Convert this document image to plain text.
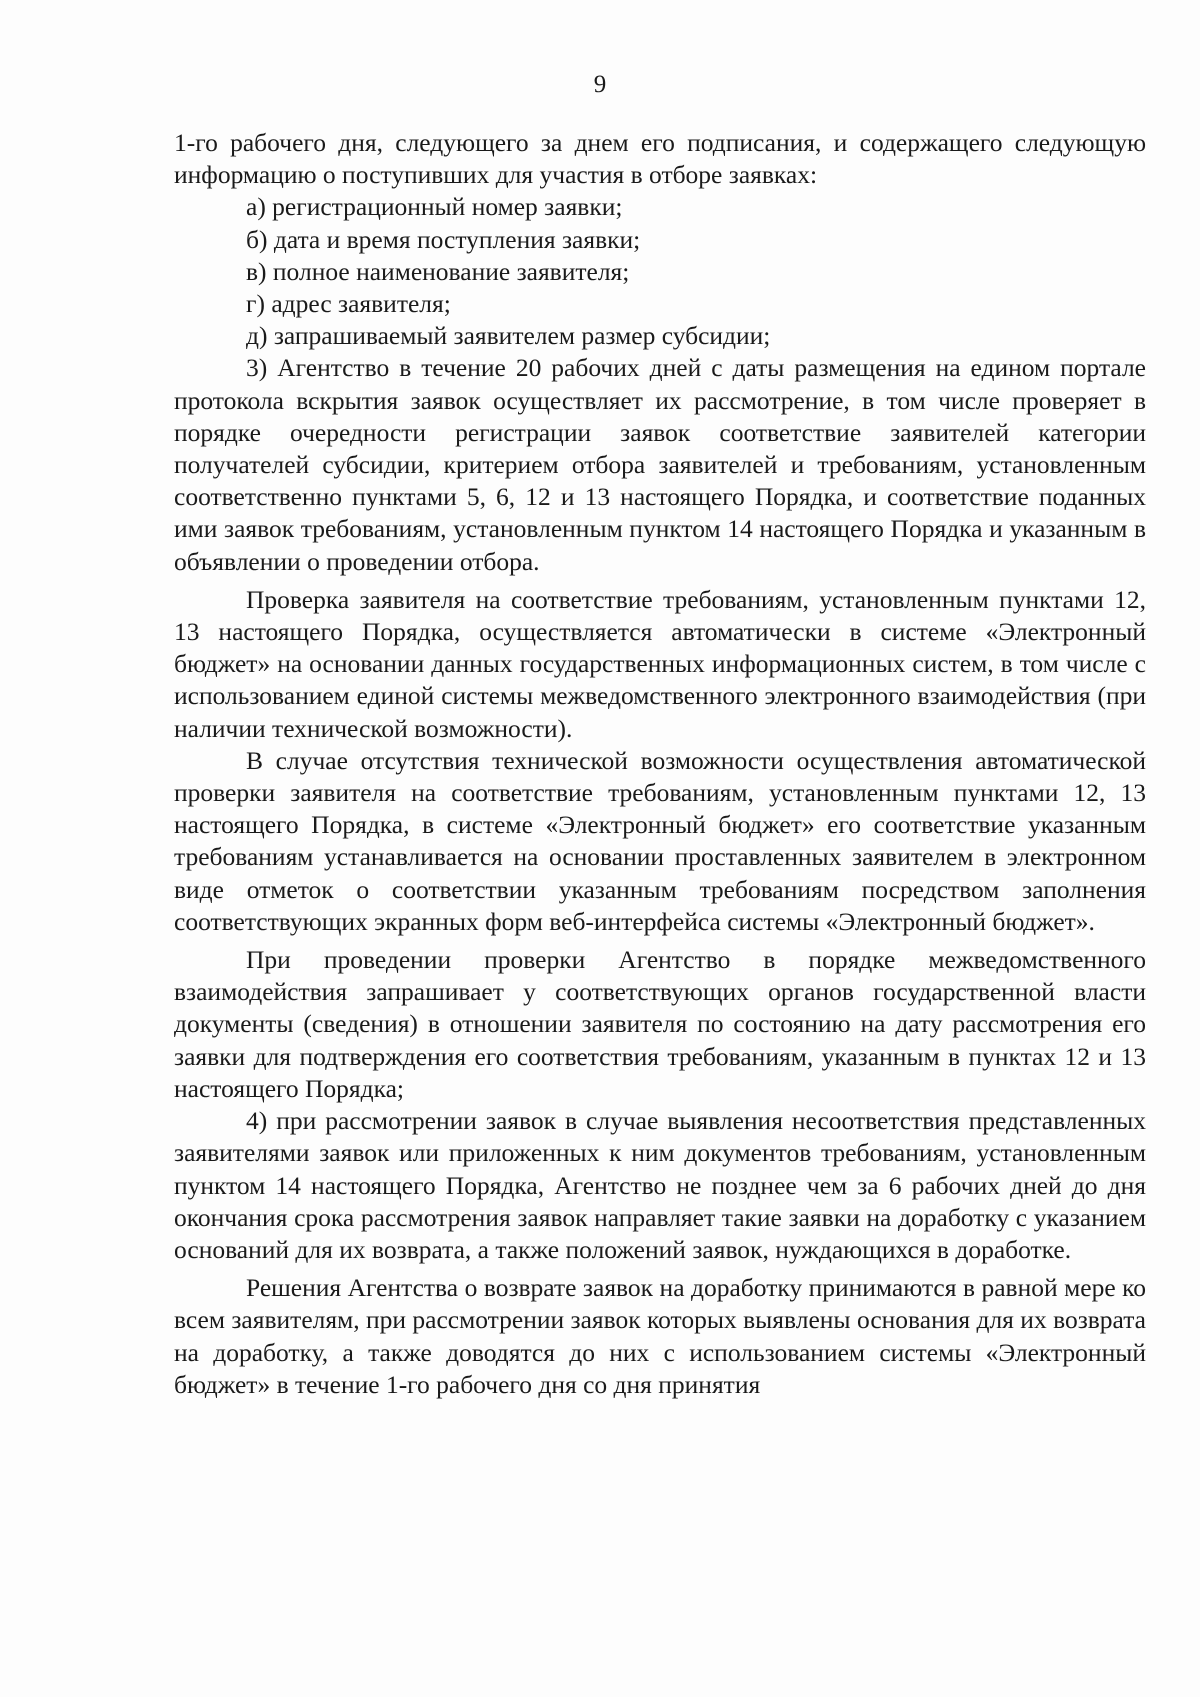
9

1-го рабочего дня, следующего за днем его подписания, и содержащего следующую информацию о поступивших для участия в отборе заявках:

а) регистрационный номер заявки;

б) дата и время поступления заявки;

в) полное наименование заявителя;

г) адрес заявителя;

д) запрашиваемый заявителем размер субсидии;

3) Агентство в течение 20 рабочих дней с даты размещения на едином портале протокола вскрытия заявок осуществляет их рассмотрение, в том числе проверяет в порядке очередности регистрации заявок соответствие заявителей категории получателей субсидии, критерием отбора заявителей и требованиям, установленным соответственно пунктами 5, 6, 12 и 13 настоящего Порядка, и соответствие поданных ими заявок требованиям, установленным пунктом 14 настоящего Порядка и указанным в объявлении о проведении отбора.

Проверка заявителя на соответствие требованиям, установленным пунктами 12, 13 настоящего Порядка, осуществляется автоматически в системе «Электронный бюджет» на основании данных государственных информационных систем, в том числе с использованием единой системы межведомственного электронного взаимодействия (при наличии технической возможности).

В случае отсутствия технической возможности осуществления автоматической проверки заявителя на соответствие требованиям, установленным пунктами 12, 13 настоящего Порядка, в системе «Электронный бюджет» его соответствие указанным требованиям устанавливается на основании проставленных заявителем в электронном виде отметок о соответствии указанным требованиям посредством заполнения соответствующих экранных форм веб-интерфейса системы «Электронный бюджет».

При проведении проверки Агентство в порядке межведомственного взаимодействия запрашивает у соответствующих органов государственной власти документы (сведения) в отношении заявителя по состоянию на дату рассмотрения его заявки для подтверждения его соответствия требованиям, указанным в пунктах 12 и 13 настоящего Порядка;

4) при рассмотрении заявок в случае выявления несоответствия представленных заявителями заявок или приложенных к ним документов требованиям, установленным пунктом 14 настоящего Порядка, Агентство не позднее чем за 6 рабочих дней до дня окончания срока рассмотрения заявок направляет такие заявки на доработку с указанием оснований для их возврата, а также положений заявок, нуждающихся в доработке.

Решения Агентства о возврате заявок на доработку принимаются в равной мере ко всем заявителям, при рассмотрении заявок которых выявлены основания для их возврата на доработку, а также доводятся до них с использованием системы «Электронный бюджет» в течение 1-го рабочего дня со дня принятия
